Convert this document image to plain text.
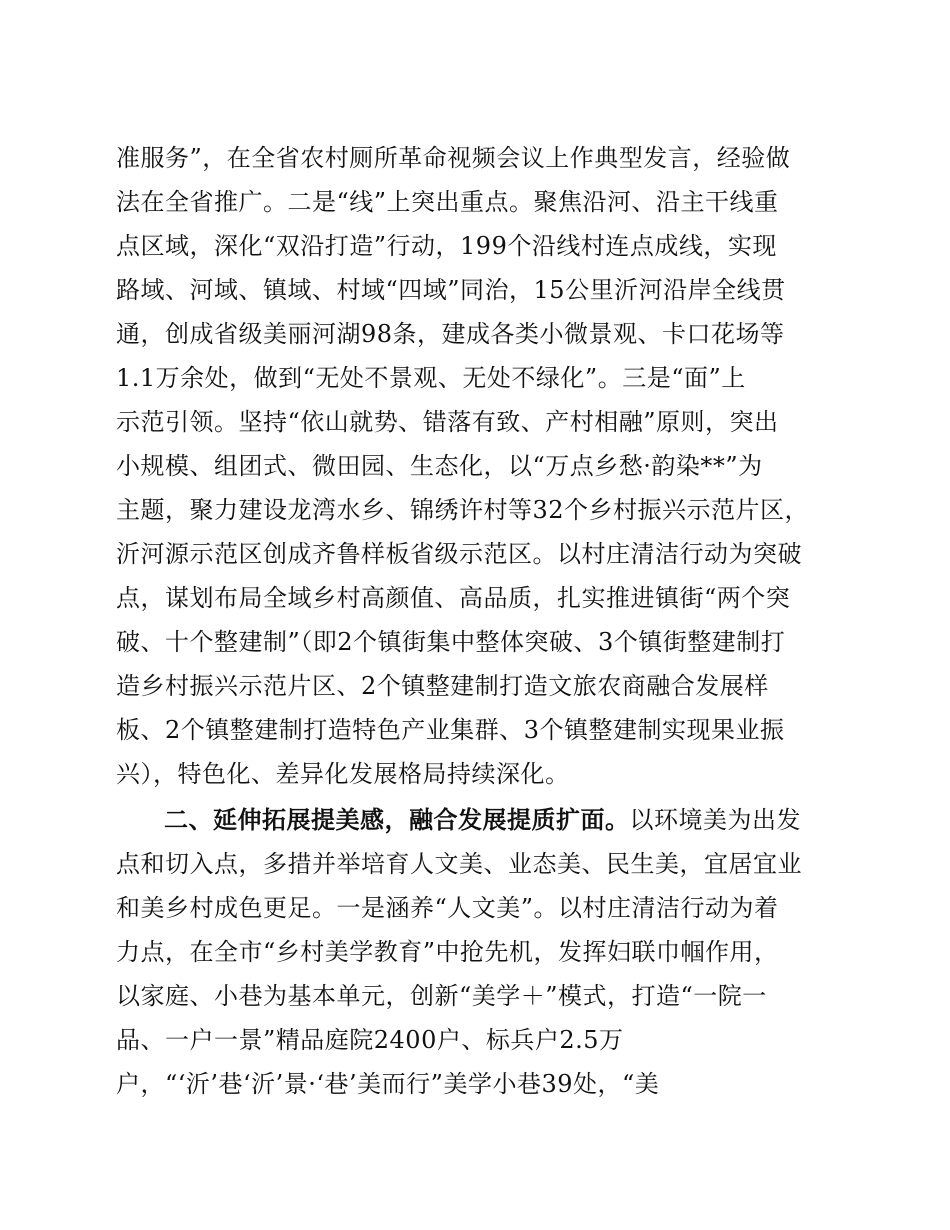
准服务”，在全省农村厕所革命视频会议上作典型发言，经验做
法在全省推广。二是“线”上突出重点。聚焦沿河、沿主干线重
点区域，深化“双沿打造”行动，199个沿线村连点成线，实现
路域、河域、镇域、村域“四域”同治，15公里沂河沿岸全线贯
通，创成省级美丽河湖98条，建成各类小微景观、卡口花场等
1.1万余处，做到“无处不景观、无处不绿化”。三是“面”上
示范引领。坚持“依山就势、错落有致、产村相融”原则，突出
小规模、组团式、微田园、生态化，以“万点乡愁·韵染**”为
主题，聚力建设龙湾水乡、锦绣许村等32个乡村振兴示范片区，
沂河源示范区创成齐鲁样板省级示范区。以村庄清洁行动为突破
点，谋划布局全域乡村高颜值、高品质，扎实推进镇街“两个突
破、十个整建制”（即2个镇街集中整体突破、3个镇街整建制打
造乡村振兴示范片区、2个镇整建制打造文旅农商融合发展样
板、2个镇整建制打造特色产业集群、3个镇整建制实现果业振
兴），特色化、差异化发展格局持续深化。
二、延伸拓展提美感，融合发展提质扩面。以环境美为出发
点和切入点，多措并举培育人文美、业态美、民生美，宜居宜业
和美乡村成色更足。一是涵养“人文美”。以村庄清洁行动为着
力点，在全市“乡村美学教育”中抢先机，发挥妇联巾帼作用，
以家庭、小巷为基本单元，创新“美学＋”模式，打造“一院一
品、一户一景”精品庭院2400户、标兵户2.5万
户，“‘沂’巷‘沂’景·‘巷’美而行”美学小巷39处，“美
